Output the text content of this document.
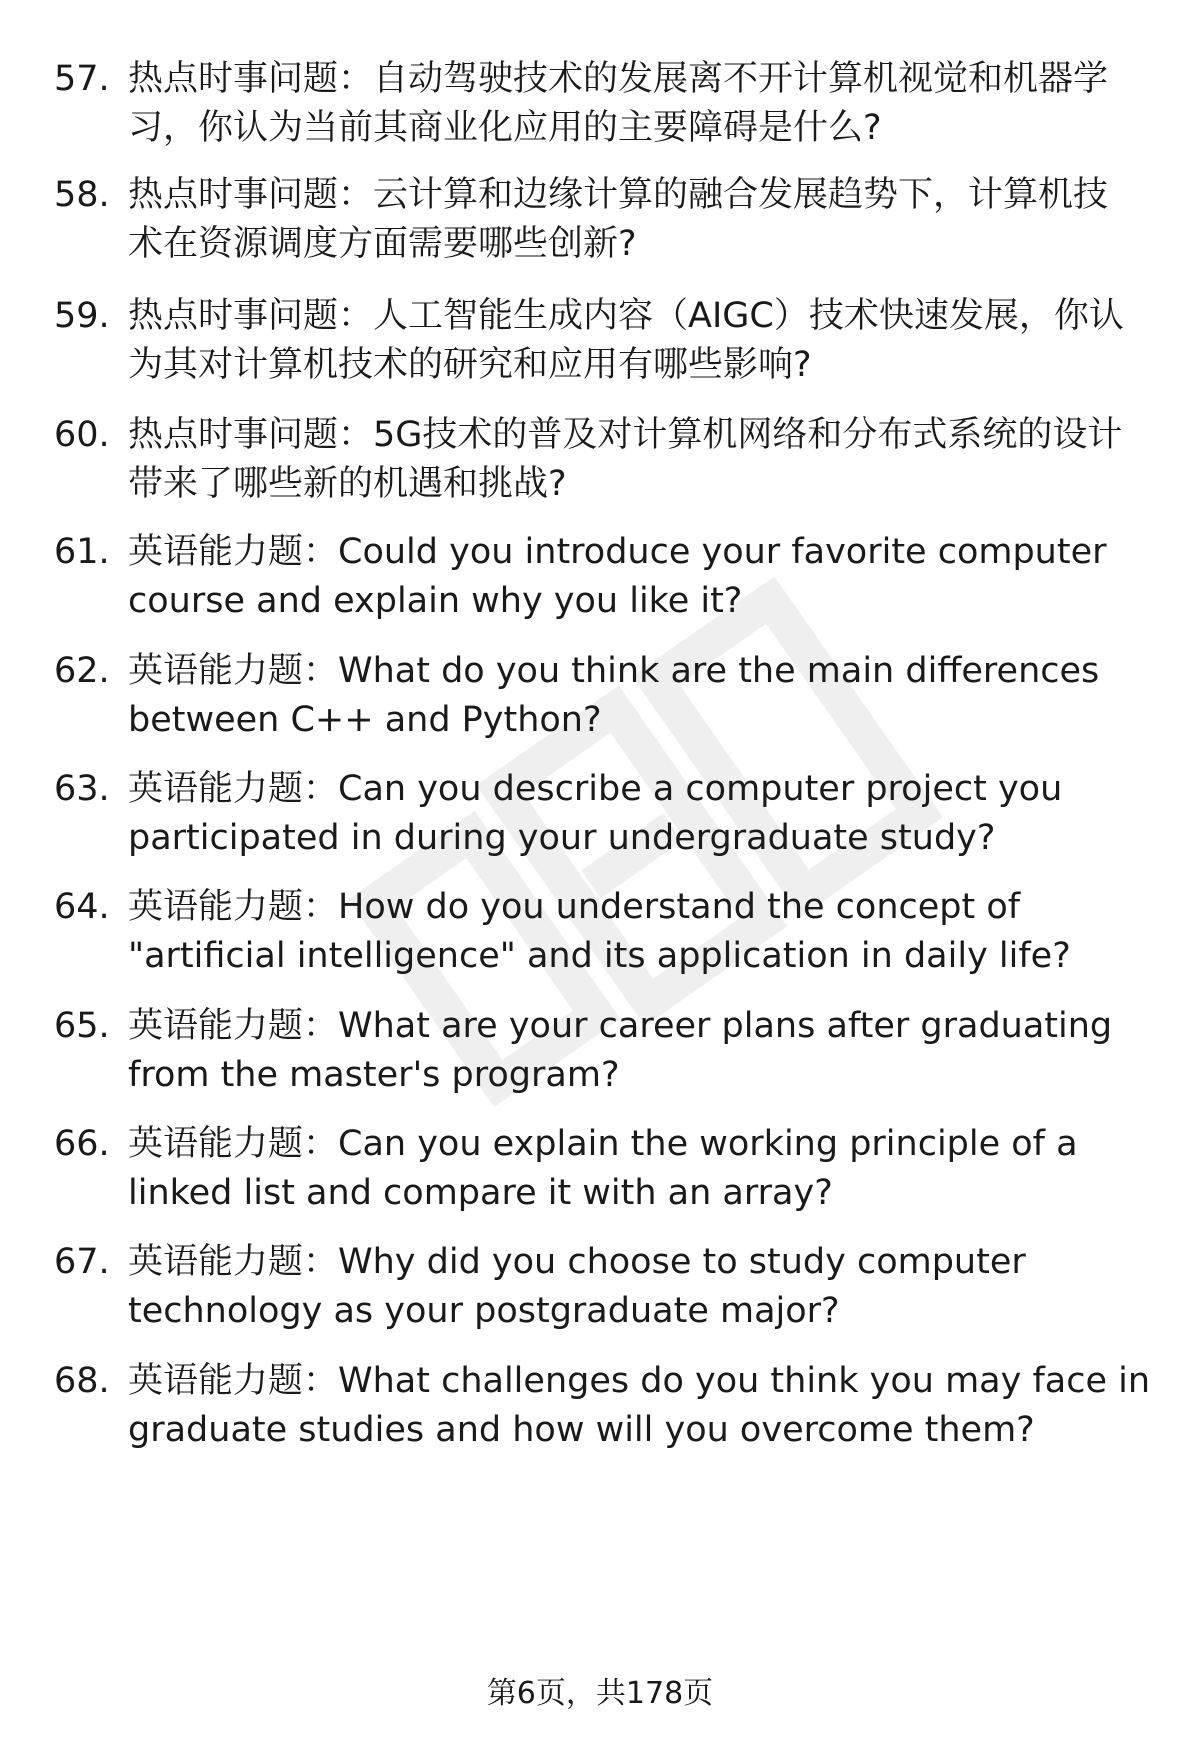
57. 热点时事问题：自动驾驶技术的发展离不开计算机视觉和机器学
习，你认为当前其商业化应用的主要障碍是什么?
58. 热点时事问题：云计算和边缘计算的融合发展趋势下，计算机技
术在资源调度方面需要哪些创新?
59. 热点时事问题：人工智能生成内容（AIGC）技术快速发展，你认
为其对计算机技术的研究和应用有哪些影响?
60. 热点时事问题：5G技术的普及对计算机网络和分布式系统的设计
带来了哪些新的机遇和挑战?
61. 英语能力题：Could you introduce your favorite computer
course and explain why you like it?
62. 英语能力题：What do you think are the main differences
between C++ and Python?
63. 英语能力题：Can you describe a computer project you
participated in during your undergraduate study?
64. 英语能力题：How do you understand the concept of
"artificial intelligence" and its application in daily life?
65. 英语能力题：What are your career plans after graduating
from the master's program?
66. 英语能力题：Can you explain the working principle of a
linked list and compare it with an array?
67. 英语能力题：Why did you choose to study computer
technology as your postgraduate major?
68. 英语能力题：What challenges do you think you may face in
graduate studies and how will you overcome them?
第6页，共178页
